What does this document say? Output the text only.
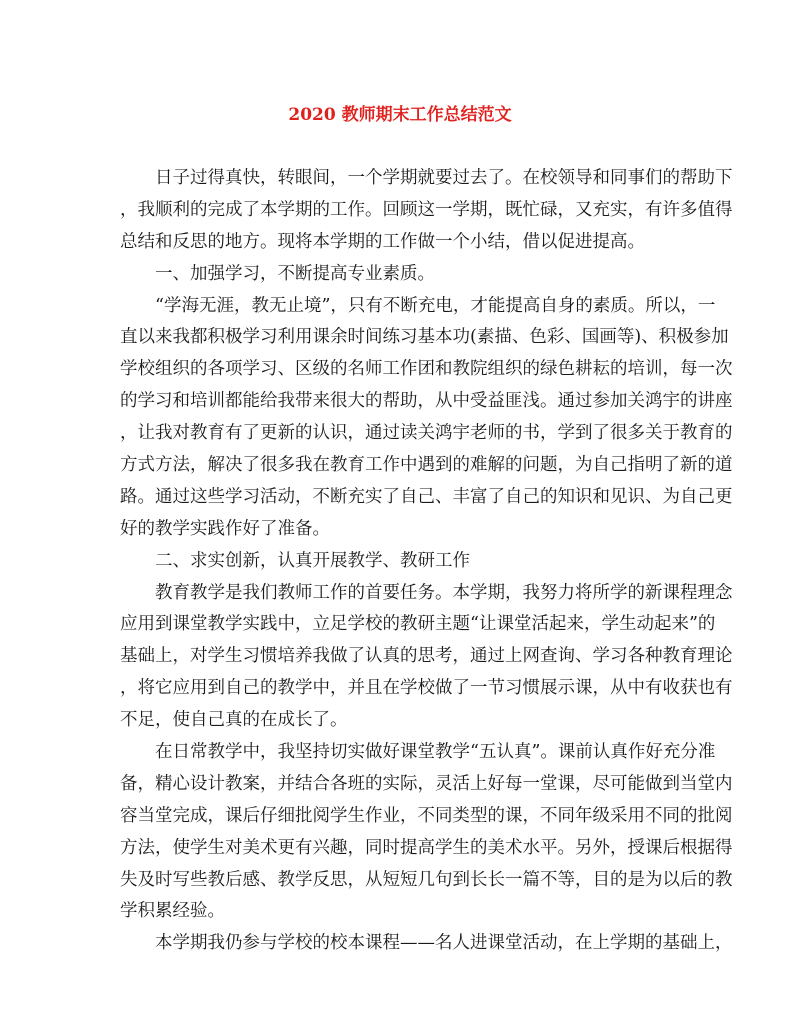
2020 教师期末工作总结范文
日子过得真快，转眼间，一个学期就要过去了。在校领导和同事们的帮助下
，我顺利的完成了本学期的工作。回顾这一学期，既忙碌，又充实，有许多值得
总结和反思的地方。现将本学期的工作做一个小结，借以促进提高。
一、加强学习，不断提高专业素质。
“学海无涯，教无止境”，只有不断充电，才能提高自身的素质。所以，一
直以来我都积极学习利用课余时间练习基本功(素描、色彩、国画等)、积极参加
学校组织的各项学习、区级的名师工作团和教院组织的绿色耕耘的培训，每一次
的学习和培训都能给我带来很大的帮助，从中受益匪浅。通过参加关鸿宇的讲座
，让我对教育有了更新的认识，通过读关鸿宇老师的书，学到了很多关于教育的
方式方法，解决了很多我在教育工作中遇到的难解的问题，为自己指明了新的道
路。通过这些学习活动，不断充实了自己、丰富了自己的知识和见识、为自己更
好的教学实践作好了准备。
二、求实创新，认真开展教学、教研工作
教育教学是我们教师工作的首要任务。本学期，我努力将所学的新课程理念
应用到课堂教学实践中，立足学校的教研主题“让课堂活起来，学生动起来”的
基础上，对学生习惯培养我做了认真的思考，通过上网查询、学习各种教育理论
，将它应用到自己的教学中，并且在学校做了一节习惯展示课，从中有收获也有
不足，使自己真的在成长了。
在日常教学中，我坚持切实做好课堂教学“五认真”。课前认真作好充分准
备，精心设计教案，并结合各班的实际，灵活上好每一堂课，尽可能做到当堂内
容当堂完成，课后仔细批阅学生作业，不同类型的课，不同年级采用不同的批阅
方法，使学生对美术更有兴趣，同时提高学生的美术水平。另外，授课后根据得
失及时写些教后感、教学反思，从短短几句到长长一篇不等，目的是为以后的教
学积累经验。
本学期我仍参与学校的校本课程——名人进课堂活动，在上学期的基础上，
